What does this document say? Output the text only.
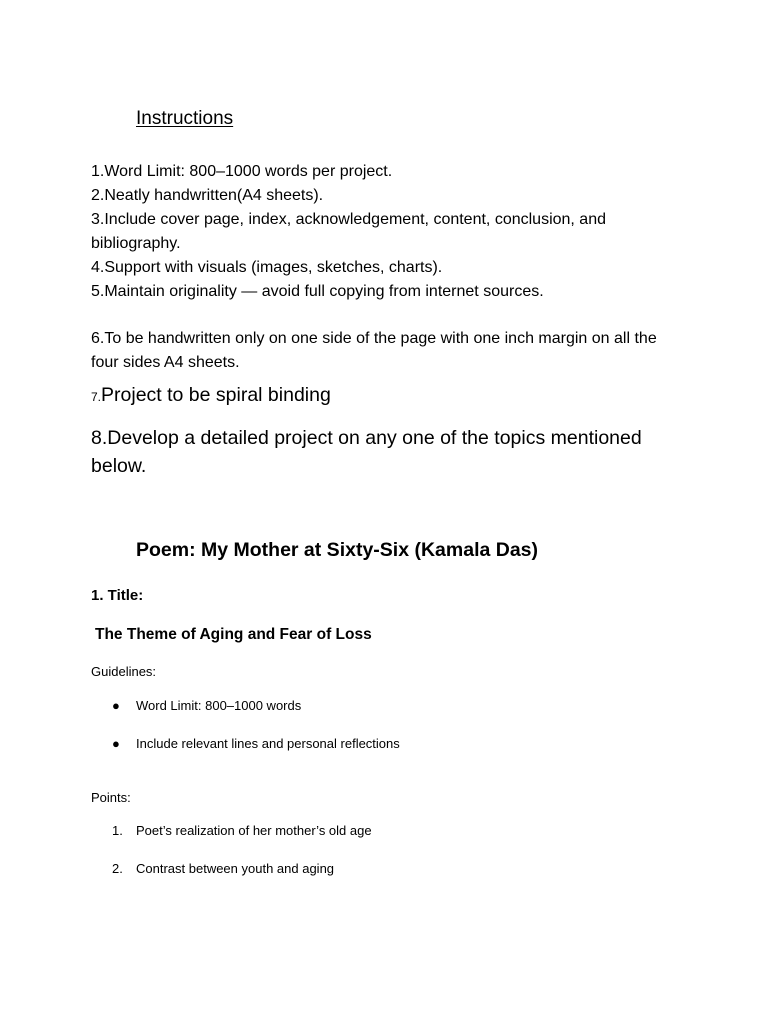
Instructions
1.Word Limit: 800–1000 words per project.
2.Neatly handwritten(A4 sheets).
3.Include cover page, index, acknowledgement, content, conclusion, and bibliography.
4.Support with visuals (images, sketches, charts).
5.Maintain originality — avoid full copying from internet sources.
6.To be handwritten only on one side of the page with one inch margin on all the four sides A4 sheets.
7.Project to be spiral binding
8.Develop a detailed project on any one of the topics mentioned below.
Poem: My Mother at Sixty-Six (Kamala Das)
1. Title:
The Theme of Aging and Fear of Loss
Guidelines:
● Word Limit: 800–1000 words
● Include relevant lines and personal reflections
Points:
1. Poet’s realization of her mother’s old age
2. Contrast between youth and aging
